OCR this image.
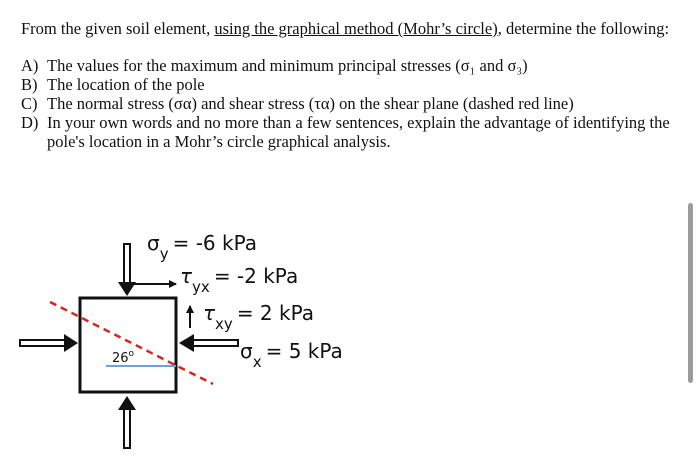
From the given soil element, using the graphical method (Mohr’s circle), determine the following:

A) The values for the maximum and minimum principal stresses (σ₁ and σ₃)
B) The location of the pole
C) The normal stress (σα) and shear stress (τα) on the shear plane (dashed red line)
D) In your own words and no more than a few sentences, explain the advantage of identifying the pole's location in a Mohr’s circle graphical analysis.
$\sigma_y = -6$ kPa
$\tau_{yx} = -2$ kPa
$\tau_{xy} = 2$ kPa
$\sigma_x = 5$ kPa
26$^o$
